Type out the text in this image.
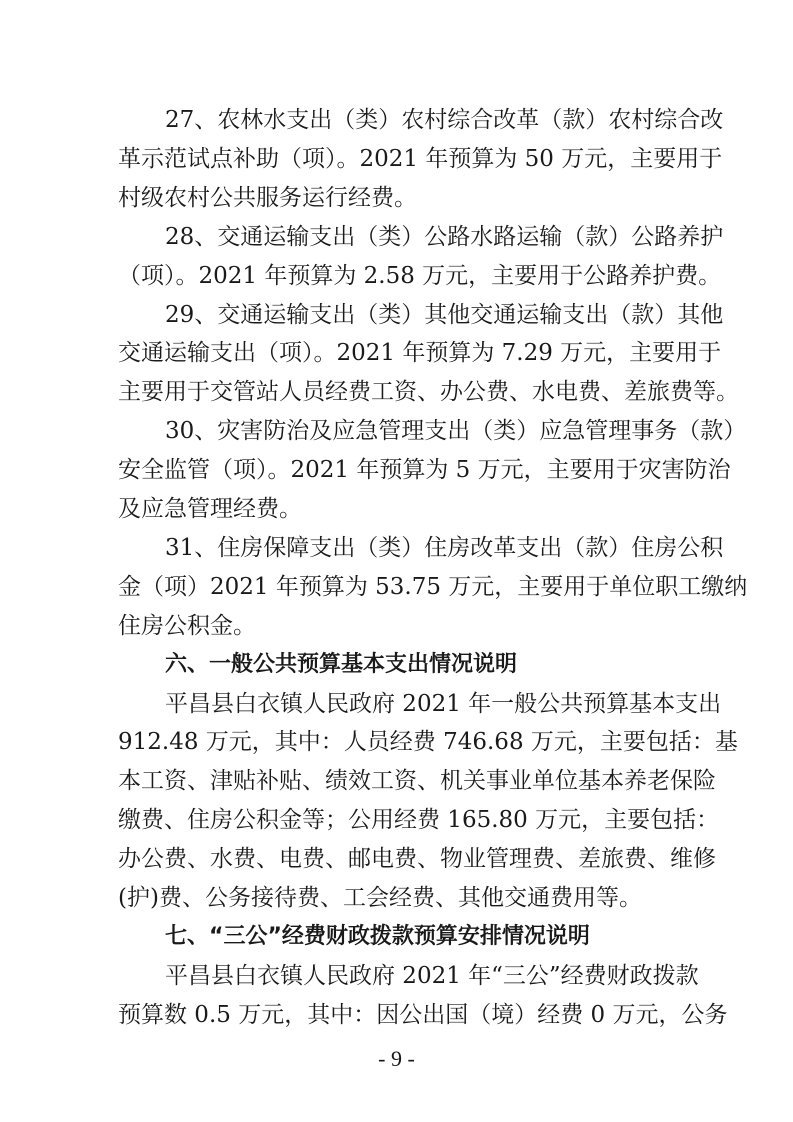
27、农林水支出（类）农村综合改革（款）农村综合改
革示范试点补助（项）。2021 年预算为 50 万元，主要用于
村级农村公共服务运行经费。
28、交通运输支出（类）公路水路运输（款）公路养护
（项）。2021 年预算为 2.58 万元，主要用于公路养护费。
29、交通运输支出（类）其他交通运输支出（款）其他
交通运输支出（项）。2021 年预算为 7.29 万元，主要用于
主要用于交管站人员经费工资、办公费、水电费、差旅费等。
30、灾害防治及应急管理支出（类）应急管理事务（款）
安全监管（项）。2021 年预算为 5 万元，主要用于灾害防治
及应急管理经费。
31、住房保障支出（类）住房改革支出（款）住房公积
金（项）2021 年预算为 53.75 万元，主要用于单位职工缴纳
住房公积金。
六、一般公共预算基本支出情况说明
平昌县白衣镇人民政府 2021 年一般公共预算基本支出
912.48 万元，其中：人员经费 746.68 万元，主要包括：基
本工资、津贴补贴、绩效工资、机关事业单位基本养老保险
缴费、住房公积金等；公用经费 165.80 万元，主要包括：
办公费、水费、电费、邮电费、物业管理费、差旅费、维修
(护)费、公务接待费、工会经费、其他交通费用等。
七、“三公”经费财政拨款预算安排情况说明
平昌县白衣镇人民政府 2021 年“三公”经费财政拨款
预算数 0.5 万元，其中：因公出国（境）经费 0 万元，公务
- 9 -
